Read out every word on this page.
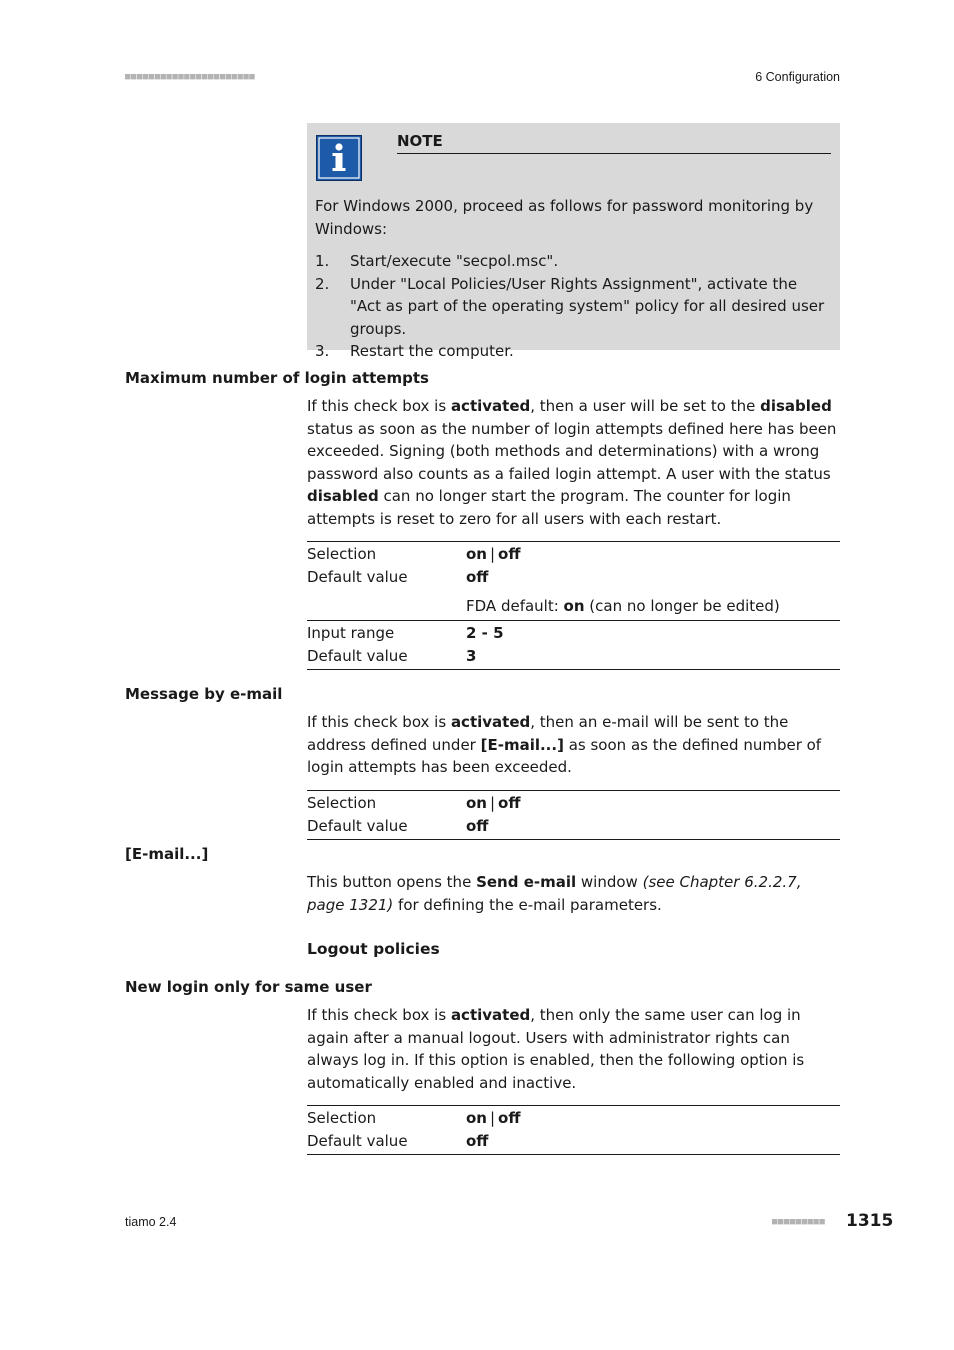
■■■■■■■■■■■■■■■■■■■■■■	6 Configuration
NOTE
For Windows 2000, proceed as follows for password monitoring by Windows:
1. Start/execute "secpol.msc".
2. Under "Local Policies/User Rights Assignment", activate the "Act as part of the operating system" policy for all desired user groups.
3. Restart the computer.
Maximum number of login attempts
If this check box is activated, then a user will be set to the disabled status as soon as the number of login attempts defined here has been exceeded. Signing (both methods and determinations) with a wrong password also counts as a failed login attempt. A user with the status disabled can no longer start the program. The counter for login attempts is reset to zero for all users with each restart.
Selection	on | off
Default value	off
FDA default: on (can no longer be edited)
Input range	2 - 5
Default value	3
Message by e-mail
If this check box is activated, then an e-mail will be sent to the address defined under [E-mail...] as soon as the defined number of login attempts has been exceeded.
Selection	on | off
Default value	off
[E-mail...]
This button opens the Send e-mail window (see Chapter 6.2.2.7, page 1321) for defining the e-mail parameters.
Logout policies
New login only for same user
If this check box is activated, then only the same user can log in again after a manual logout. Users with administrator rights can always log in. If this option is enabled, then the following option is automatically enabled and inactive.
Selection	on | off
Default value	off
tiamo 2.4	■■■■■■■■■ 1315
